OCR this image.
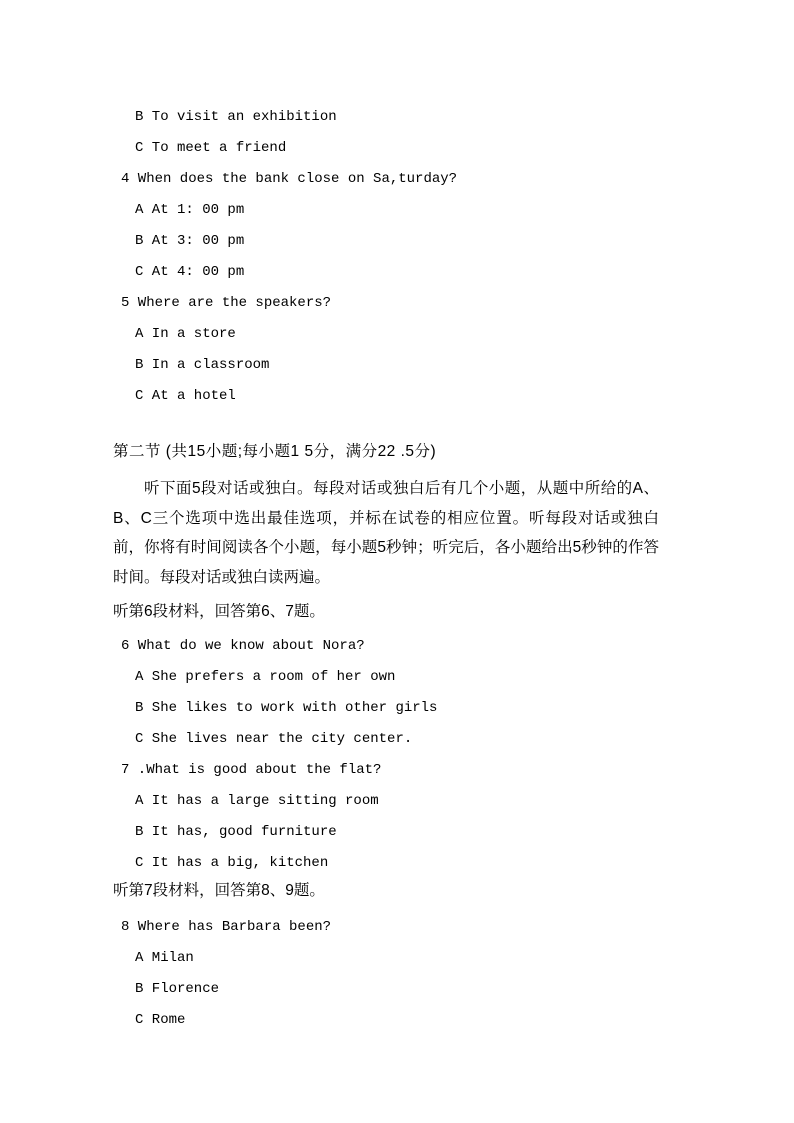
B To visit an exhibition

C To meet a friend

4 When does the bank close on Sa,turday?

A At 1: 00 pm

B At 3: 00 pm

C At 4: 00 pm

5 Where are the speakers?

A In a store

B In a classroom

C At a hotel

第二节 (共15小题;每小题1 5分，满分22 .5分)

听下面5段对话或独白。每段对话或独白后有几个小题，从题中所给的A、B、C三个选项中选出最佳选项，并标在试卷的相应位置。听每段对话或独白前，你将有时间阅读各个小题，每小题5秒钟；听完后，各小题给出5秒钟的作答时间。每段对话或独白读两遍。

听第6段材料，回答第6、7题。

6 What do we know about Nora?

A She prefers a room of her own

B She likes to work with other girls

C She lives near the city center.

7 .What is good about the flat?

A It has a large sitting room

B It has, good furniture

C It has a big, kitchen

听第7段材料，回答第8、9题。

8 Where has Barbara been?

A Milan

B Florence

C Rome
